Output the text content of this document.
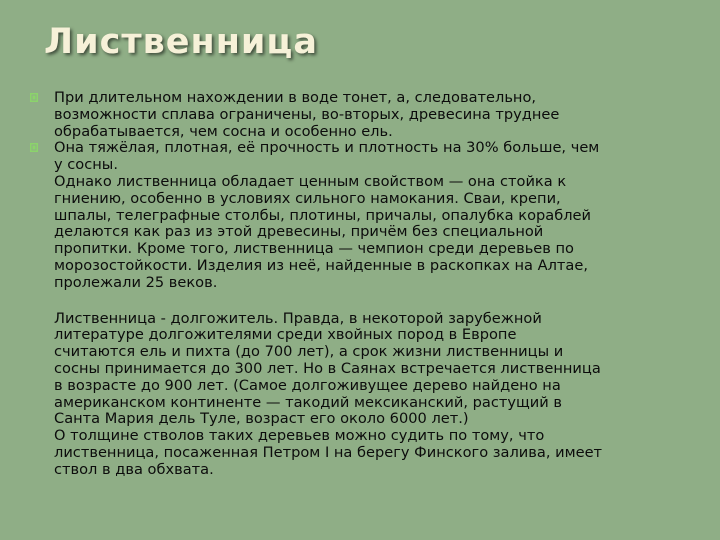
Лиственница

При длительном нахождении в воде тонет, а, следовательно,

возможности сплава ограничены, во-вторых, древесина труднее

обрабатывается, чем сосна и особенно ель.

Она тяжёлая, плотная, её прочность и плотность на 30% больше, чем

у сосны.

Однако лиственница обладает ценным свойством — она стойка к

гниению, особенно в условиях сильного намокания. Сваи, крепи,

шпалы, телеграфные столбы, плотины, причалы, опалубка кораблей

делаются как раз из этой древесины, причём без специальной

пропитки. Кроме того, лиственница — чемпион среди деревьев по

морозостойкости. Изделия из неё, найденные в раскопках на Алтае,

пролежали 25 веков.

Лиственница - долгожитель. Правда, в некоторой зарубежной

литературе долгожителями среди хвойных пород в Европе

считаются ель и пихта (до 700 лет), а срок жизни лиственницы и

сосны принимается до 300 лет. Но в Саянах встречается лиственница

в возрасте до 900 лет. (Самое долгоживущее дерево найдено на

американском континенте — такодий мексиканский, растущий в

Санта Мария дель Туле, возраст его около 6000 лет.)

О толщине стволов таких деревьев можно судить по тому, что

лиственница, посаженная Петром I на берегу Финского залива, имеет

ствол в два обхвата.
